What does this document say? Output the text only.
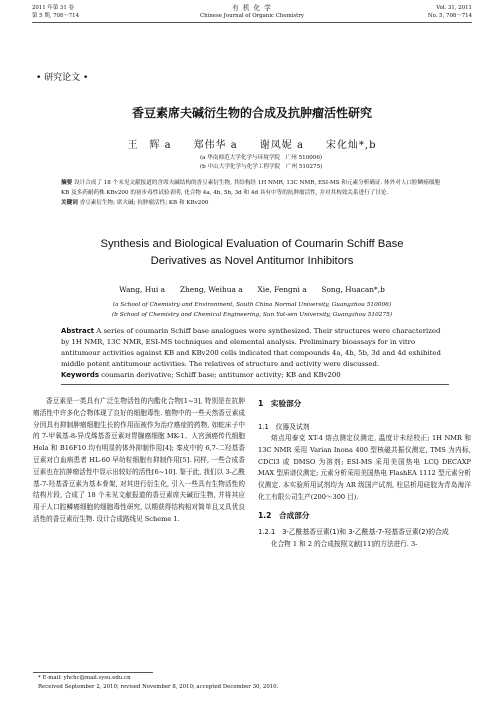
2011 年第 31 卷
第 5 期, 708～714
有 机 化 学
Chinese Journal of Organic Chemistry
Vol. 31, 2011
No. 5, 708～714
• 研究论文 •
香豆素席夫碱衍生物的合成及抗肿瘤活性研究
王　辉 a　　郑伟华 a　　谢凤妮 a　　宋化灿*,b
(a 华南师范大学化学与环境学院　广州 510006)
(b 中山大学化学与化学工程学院　广州 510275)
摘要 设计合成了 18 个未见文献报道的含席夫碱结构的香豆素衍生物, 其结构经 1H NMR, 13C NMR, ESI-MS 和元素分析确证. 体外对人口腔鳞癌细胞 KB 及多药耐药株 KBv200 的初步毒性试验表明, 化合物 4a, 4b, 5b, 3d 和 4d 具有中等的抗肿瘤活性, 并对其构效关系进行了讨论.
关键词 香豆素衍生物; 席夫碱; 抗肿瘤活性; KB 和 KBv200
Synthesis and Biological Evaluation of Coumarin Schiff Base
Derivatives as Novel Antitumor Inhibitors
Wang, Hui a　　Zheng, Weihua a　　Xie, Fengni a　　Song, Huacan*,b
(a School of Chemistry and Environment, South China Normal University, Guangzhou 510006)
(b School of Chemistry and Chemical Engineering, Sun Yat-sen University, Guangzhou 510275)
Abstract A series of coumarin Schiff base analogues were synthesized. Their structures were characterized by 1H NMR, 13C NMR, ESI-MS techniques and elemental analysis. Preliminary bioassays for in vitro antitumour activities against KB and KBv200 cells indicated that compounds 4a, 4b, 5b, 3d and 4d exhibited middle potent antitumour activities. The relatives of structure and activity were discussed.
Keywords coumarin derivative; Schiff base; antitumor activity; KB and KBv200
香豆素是一类具有广泛生物活性的内酯化合物[1~3], 特别是在抗肿瘤活性中许多化合物体现了良好的细胞毒性. 植物中的一些天然香豆素成分因具有抑制肿瘤细胞生长的作用而被作为治疗癌症的药物, 如蛇床子中的 7-甲氧基-8-异戊烯基香豆素对胃腺癌细胞 MK-1、人宫颈癌传代细胞 Hela 和 B16F10 均有明显的体外抑制作用[4]; 秦皮中的 6,7-二羟基香豆素对白血病患者 HL-60 早幼粒细胞有抑制作用[5]. 同样, 一些合成香豆素也在抗肿瘤活性中显示出较好的活性[6~10]. 鉴于此, 我们以 3-乙酰基-7-羟基香豆素为基本骨架, 对其进行衍生化, 引入一些具有生物活性的结构片段, 合成了 18 个未见文献报道的香豆素席夫碱衍生物, 并将其应用于人口腔鳞癌细胞的细胞毒性研究, 以期获得结构相对简单且又具优良活性的香豆素衍生物. 设计合成路线见 Scheme 1.
1　实验部分
1.1　仪器及试剂
熔点用泰克 XT-4 熔点测定仪测定, 温度计未经校正; 1H NMR 和 13C NMR 采用 Varian Inona 400 型核磁共振仪测定, TMS 为内标, CDCl3 或 DMSO 为溶剂; ESI-MS 采用美国热电 LCQ DECAXP MAX 型质谱仪测定; 元素分析采用美国热电 FlashEA 1112 型元素分析仪测定. 本实验所用试剂均为 AR 级国产试剂, 柱层析用硅胶为青岛海洋化工有限公司生产(200～300 目).
1.2　合成部分
1.2.1　3-乙酰基香豆素(1)和 3-乙酰基-7-羟基香豆素(2)的合成
化合物 1 和 2 的合成按照文献[11]的方法进行. 3-
* E-mail: yhchc@mail.sysu.edu.cn
Received September 2, 2010; revised November 8, 2010; accepted December 30, 2010.
